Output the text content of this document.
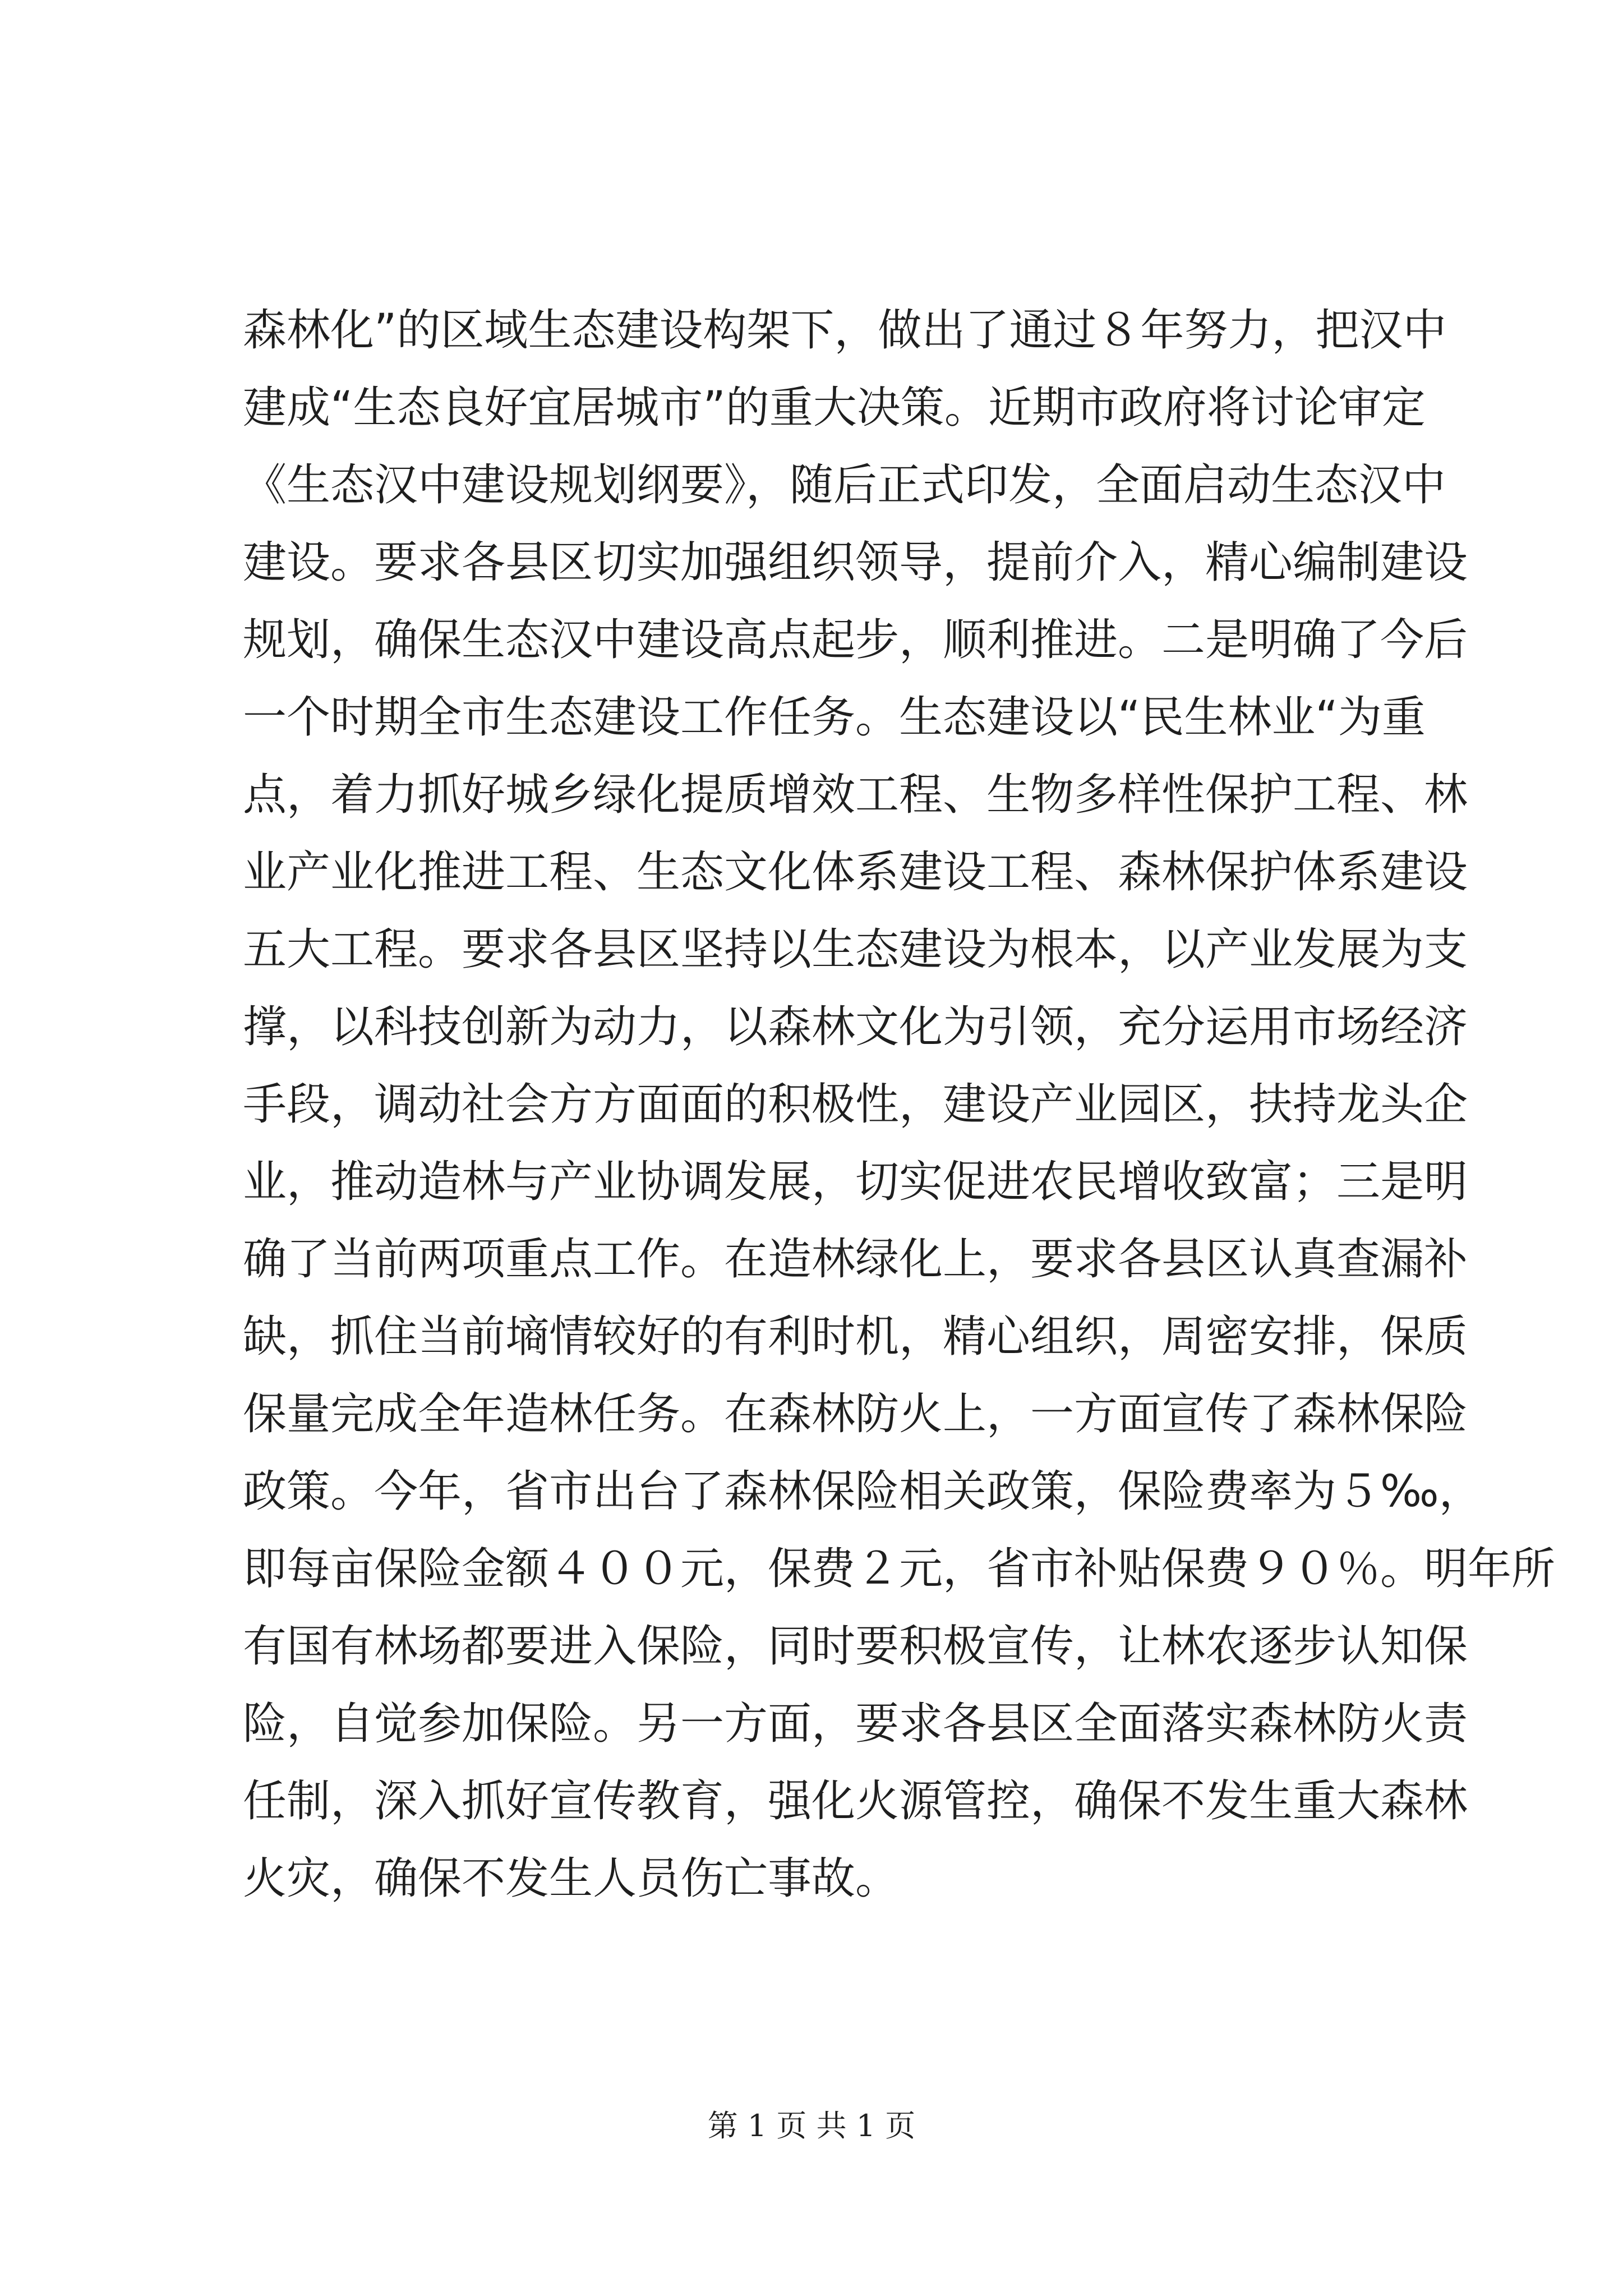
森林化”的区域生态建设构架下，做出了通过８年努力，把汉中
建成“生态良好宜居城市”的重大决策。近期市政府将讨论审定
《生态汉中建设规划纲要》，随后正式印发，全面启动生态汉中
建设。要求各县区切实加强组织领导，提前介入，精心编制建设
规划，确保生态汉中建设高点起步，顺利推进。二是明确了今后
一个时期全市生态建设工作任务。生态建设以“民生林业“为重
点，着力抓好城乡绿化提质增效工程、生物多样性保护工程、林
业产业化推进工程、生态文化体系建设工程、森林保护体系建设
五大工程。要求各县区坚持以生态建设为根本，以产业发展为支
撑，以科技创新为动力，以森林文化为引领，充分运用市场经济
手段，调动社会方方面面的积极性，建设产业园区，扶持龙头企
业，推动造林与产业协调发展，切实促进农民增收致富；三是明
确了当前两项重点工作。在造林绿化上，要求各县区认真查漏补
缺，抓住当前墒情较好的有利时机，精心组织，周密安排，保质
保量完成全年造林任务。在森林防火上，一方面宣传了森林保险
政策。今年，省市出台了森林保险相关政策，保险费率为５‰，
即每亩保险金额４００元，保费２元，省市补贴保费９０％。明年所
有国有林场都要进入保险，同时要积极宣传，让林农逐步认知保
险，自觉参加保险。另一方面，要求各县区全面落实森林防火责
任制，深入抓好宣传教育，强化火源管控，确保不发生重大森林
火灾，确保不发生人员伤亡事故。
第 1 页 共 1 页
